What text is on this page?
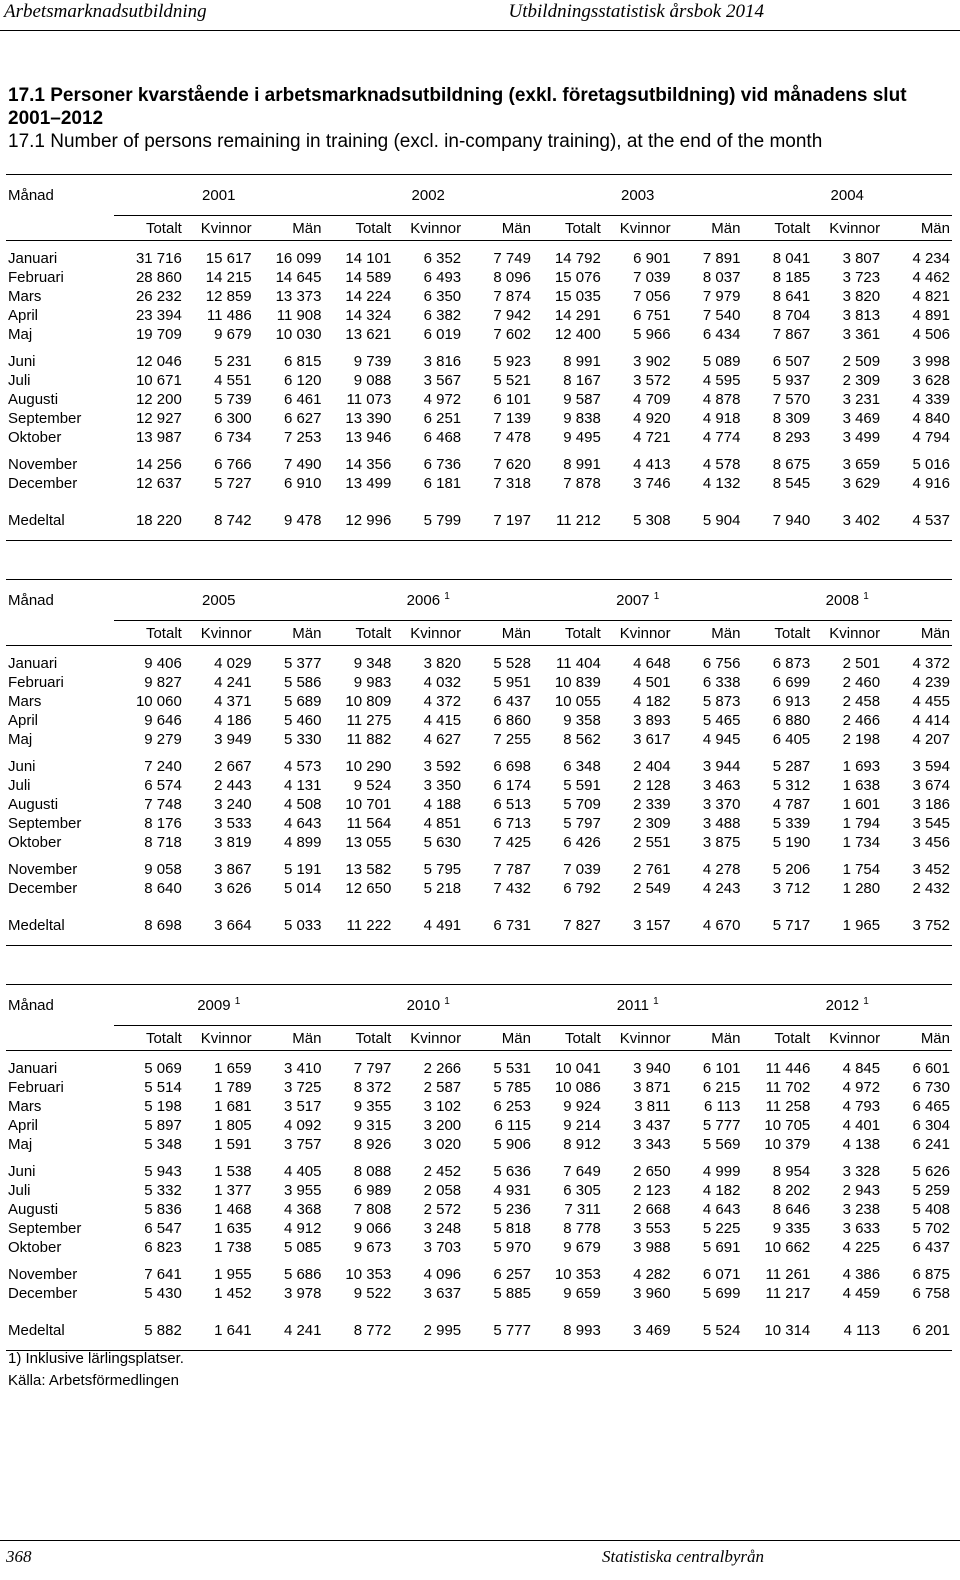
Arbetsmarknadsutbildning	Utbildningsstatistisk årsbok 2014
17.1 Personer kvarstående i arbetsmarknadsutbildning (exkl. företagsutbildning) vid månadens slut 2001–2012
17.1 Number of persons remaining in training (excl. in-company training), at the end of the month
Månad	2001			2002			2003			2004		

	Totalt	Kvinnor	Män	Totalt	Kvinnor	Män	Totalt	Kvinnor	Män	Totalt	Kvinnor	Män

Januari	31 716	15 617	16 099	14 101	6 352	7 749	14 792	6 901	7 891	8 041	3 807	4 234
Februari	28 860	14 215	14 645	14 589	6 493	8 096	15 076	7 039	8 037	8 185	3 723	4 462
Mars	26 232	12 859	13 373	14 224	6 350	7 874	15 035	7 056	7 979	8 641	3 820	4 821
April	23 394	11 486	11 908	14 324	6 382	7 942	14 291	6 751	7 540	8 704	3 813	4 891
Maj	19 709	9 679	10 030	13 621	6 019	7 602	12 400	5 966	6 434	7 867	3 361	4 506
Juni	12 046	5 231	6 815	9 739	3 816	5 923	8 991	3 902	5 089	6 507	2 509	3 998
Juli	10 671	4 551	6 120	9 088	3 567	5 521	8 167	3 572	4 595	5 937	2 309	3 628
Augusti	12 200	5 739	6 461	11 073	4 972	6 101	9 587	4 709	4 878	7 570	3 231	4 339
September	12 927	6 300	6 627	13 390	6 251	7 139	9 838	4 920	4 918	8 309	3 469	4 840
Oktober	13 987	6 734	7 253	13 946	6 468	7 478	9 495	4 721	4 774	8 293	3 499	4 794
November	14 256	6 766	7 490	14 356	6 736	7 620	8 991	4 413	4 578	8 675	3 659	5 016
December	12 637	5 727	6 910	13 499	6 181	7 318	7 878	3 746	4 132	8 545	3 629	4 916
Medeltal	18 220	8 742	9 478	12 996	5 799	7 197	11 212	5 308	5 904	7 940	3 402	4 537

Månad	2005			2006 $^1$			2007 $^1$			2008 $^1$

	Totalt	Kvinnor	Män	Totalt	Kvinnor	Män	Totalt	Kvinnor	Män	Totalt	Kvinnor	Män

Januari	9 406	4 029	5 377	9 348	3 820	5 528	11 404	4 648	6 756	6 873	2 501	4 372
Februari	9 827	4 241	5 586	9 983	4 032	5 951	10 839	4 501	6 338	6 699	2 460	4 239
Mars	10 060	4 371	5 689	10 809	4 372	6 437	10 055	4 182	5 873	6 913	2 458	4 455
April	9 646	4 186	5 460	11 275	4 415	6 860	9 358	3 893	5 465	6 880	2 466	4 414
Maj	9 279	3 949	5 330	11 882	4 627	7 255	8 562	3 617	4 945	6 405	2 198	4 207
Juni	7 240	2 667	4 573	10 290	3 592	6 698	6 348	2 404	3 944	5 287	1 693	3 594
Juli	6 574	2 443	4 131	9 524	3 350	6 174	5 591	2 128	3 463	5 312	1 638	3 674
Augusti	7 748	3 240	4 508	10 701	4 188	6 513	5 709	2 339	3 370	4 787	1 601	3 186
September	8 176	3 533	4 643	11 564	4 851	6 713	5 797	2 309	3 488	5 339	1 794	3 545
Oktober	8 718	3 819	4 899	13 055	5 630	7 425	6 426	2 551	3 875	5 190	1 734	3 456
November	9 058	3 867	5 191	13 582	5 795	7 787	7 039	2 761	4 278	5 206	1 754	3 452
December	8 640	3 626	5 014	12 650	5 218	7 432	6 792	2 549	4 243	3 712	1 280	2 432
Medeltal	8 698	3 664	5 033	11 222	4 491	6 731	7 827	3 157	4 670	5 717	1 965	3 752

Månad	2009 $^1$			2010 $^1$			2011 $^1$			2012 $^1$

	Totalt	Kvinnor	Män	Totalt	Kvinnor	Män	Totalt	Kvinnor	Män	Totalt	Kvinnor	Män

Januari	5 069	1 659	3 410	7 797	2 266	5 531	10 041	3 940	6 101	11 446	4 845	6 601
Februari	5 514	1 789	3 725	8 372	2 587	5 785	10 086	3 871	6 215	11 702	4 972	6 730
Mars	5 198	1 681	3 517	9 355	3 102	6 253	9 924	3 811	6 113	11 258	4 793	6 465
April	5 897	1 805	4 092	9 315	3 200	6 115	9 214	3 437	5 777	10 705	4 401	6 304
Maj	5 348	1 591	3 757	8 926	3 020	5 906	8 912	3 343	5 569	10 379	4 138	6 241
Juni	5 943	1 538	4 405	8 088	2 452	5 636	7 649	2 650	4 999	8 954	3 328	5 626
Juli	5 332	1 377	3 955	6 989	2 058	4 931	6 305	2 123	4 182	8 202	2 943	5 259
Augusti	5 836	1 468	4 368	7 808	2 572	5 236	7 311	2 668	4 643	8 646	3 238	5 408
September	6 547	1 635	4 912	9 066	3 248	5 818	8 778	3 553	5 225	9 335	3 633	5 702
Oktober	6 823	1 738	5 085	9 673	3 703	5 970	9 679	3 988	5 691	10 662	4 225	6 437
November	7 641	1 955	5 686	10 353	4 096	6 257	10 353	4 282	6 071	11 261	4 386	6 875
December	5 430	1 452	3 978	9 522	3 637	5 885	9 659	3 960	5 699	11 217	4 459	6 758
Medeltal	5 882	1 641	4 241	8 772	2 995	5 777	8 993	3 469	5 524	10 314	4 113	6 201

1) Inklusive lärlingsplatser.
Källa: Arbetsförmedlingen
368	Statistiska centralbyrån
